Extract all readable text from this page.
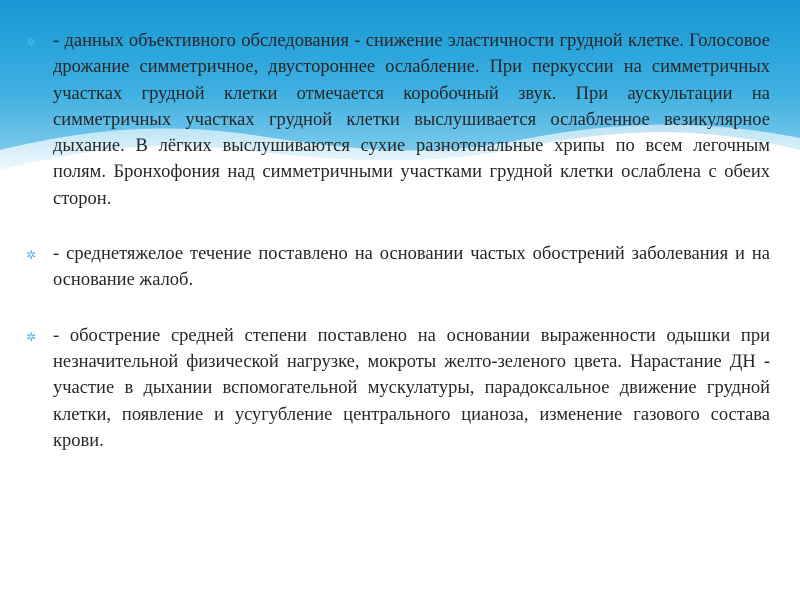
✲ - данных объективного обследования - снижение эластичности грудной клетке. Голосовое дрожание симметричное, двустороннее ослабление. При перкуссии на симметричных участках грудной клетки отмечается коробочный звук. При аускультации на симметричных участках грудной клетки выслушивается ослабленное везикулярное дыхание. В лёгких выслушиваются сухие разнотональные хрипы по всем легочным полям. Бронхофония над симметричными участками грудной клетки ослаблена с обеих сторон.

✲ - среднетяжелое течение поставлено на основании частых обострений заболевания и на основание жалоб.

✲ - обострение средней степени поставлено на основании выраженности одышки при незначительной физической нагрузке, мокроты желто-зеленого цвета. Нарастание ДН - участие в дыхании вспомогательной мускулатуры, парадоксальное движение грудной клетки, появление и усугубление центрального цианоза, изменение газового состава крови.
